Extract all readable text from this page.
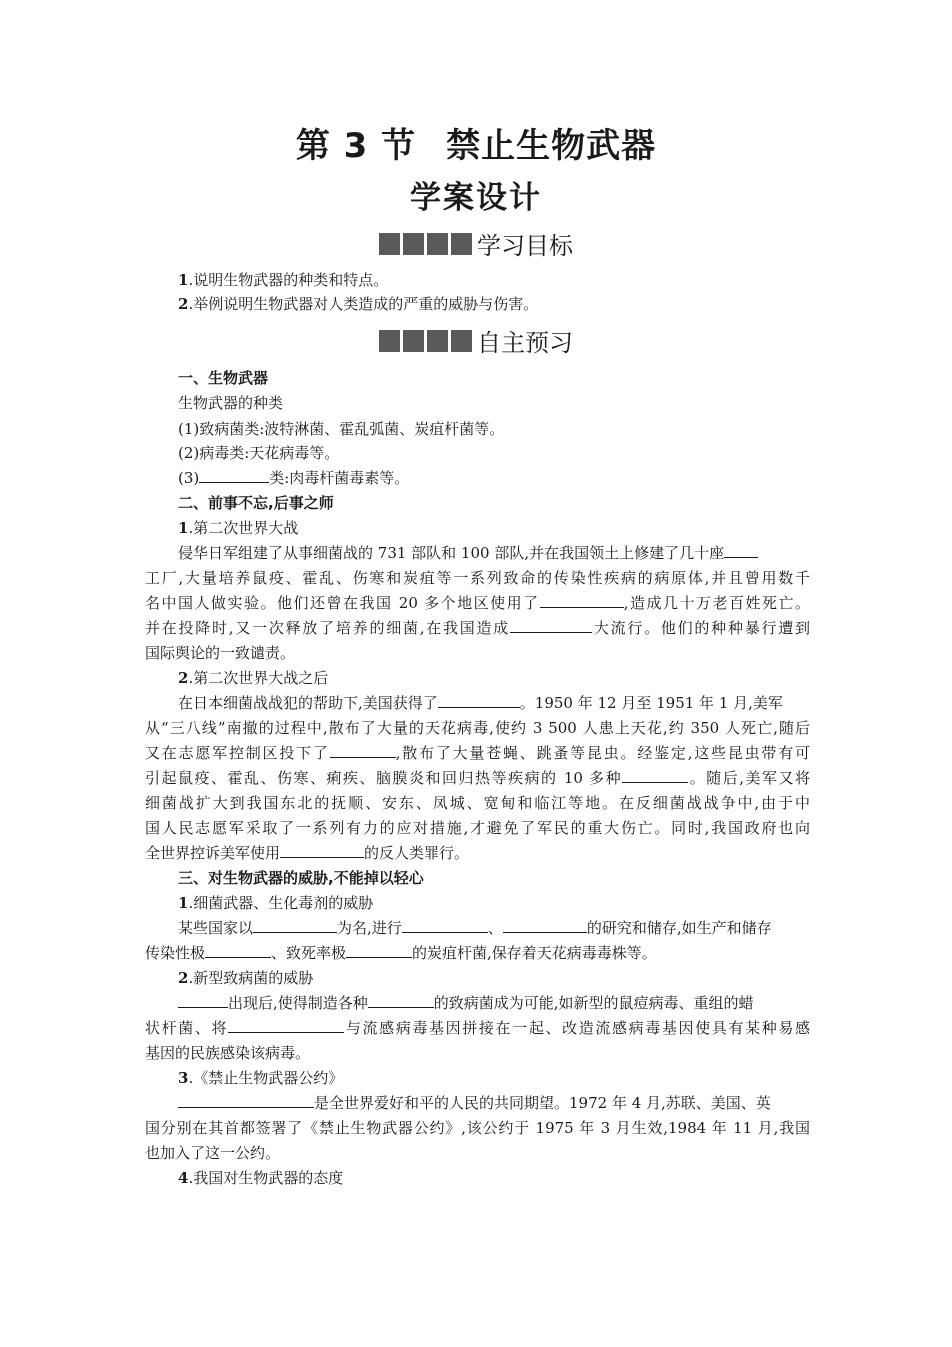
第 3 节 禁止生物武器
学案设计
学习目标
1.说明生物武器的种类和特点。
2.举例说明生物武器对人类造成的严重的威胁与伤害。
自主预习
一、生物武器
生物武器的种类
(1)致病菌类:波特淋菌、霍乱弧菌、炭疽杆菌等。
(2)病毒类:天花病毒等。
(3)	类:肉毒杆菌毒素等。
二、前事不忘,后事之师
1.第二次世界大战
侵华日军组建了从事细菌战的 731 部队和 100 部队,并在我国领土上修建了几十座
工厂,大量培养鼠疫、霍乱、伤寒和炭疽等一系列致命的传染性疾病的病原体,并且曾用数千
名中国人做实验。他们还曾在我国 20 多个地区使用了	,造成几十万老百姓死亡。
并在投降时,又一次释放了培养的细菌,在我国造成	大流行。他们的种种暴行遭到
国际舆论的一致谴责。
2.第二次世界大战之后
在日本细菌战战犯的帮助下,美国获得了	。1950 年 12 月至 1951 年 1 月,美军
从“三八线”南撤的过程中,散布了大量的天花病毒,使约 3 500 人患上天花,约 350 人死亡,随后
又在志愿军控制区投下了	,散布了大量苍蝇、跳蚤等昆虫。经鉴定,这些昆虫带有可
引起鼠疫、霍乱、伤寒、痢疾、脑膜炎和回归热等疾病的 10 多种	。随后,美军又将
细菌战扩大到我国东北的抚顺、安东、凤城、宽甸和临江等地。在反细菌战战争中,由于中
国人民志愿军采取了一系列有力的应对措施,才避免了军民的重大伤亡。同时,我国政府也向
全世界控诉美军使用	的反人类罪行。
三、对生物武器的威胁,不能掉以轻心
1.细菌武器、生化毒剂的威胁
某些国家以	为名,进行	、	的研究和储存,如生产和储存
传染性极	、致死率极	的炭疽杆菌,保存着天花病毒毒株等。
2.新型致病菌的威胁
出现后,使得制造各种	的致病菌成为可能,如新型的鼠痘病毒、重组的蜡
状杆菌、将	与流感病毒基因拼接在一起、改造流感病毒基因使具有某种易感
基因的民族感染该病毒。
3.《禁止生物武器公约》
是全世界爱好和平的人民的共同期望。1972 年 4 月,苏联、美国、英
国分别在其首都签署了《禁止生物武器公约》,该公约于 1975 年 3 月生效,1984 年 11 月,我国
也加入了这一公约。
4.我国对生物武器的态度
